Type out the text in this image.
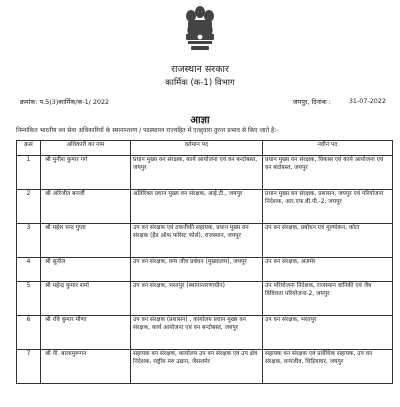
राजस्थान सरकार
कार्मिक (क-1) विभाग
क्रमांक: प.5(3)कार्मिक/क-1/ 2022	जयपुर, दिनांक :	31-07-2022
आज्ञा
निम्नांकित भारतीय वन सेवा अधिकारियों के स्थानान्तरण / पदस्थापन राज्यहित में एतद्द्वारा तुरन्त प्रभाव से किए जाते है:-
क्रसं	अधिकारी का नाम	वर्तमान पद	नवीन पद
1	श्री मुनीश कुमार गर्ग	प्रधान मुख्य वन संरक्षक, कार्य आयोजना एवं वन बन्दोबस्त, जयपुर	प्रधान मुख्य वन संरक्षक, विकास एवं कार्य आयोजना एवं वन बंदोबस्त, जयपुर
2	श्री अरिजीत बनर्जी	अतिरिक्त प्रधान मुख्य वन संरक्षक, आई.टी., जयपुर	प्रधान मुख्य वन संरक्षक, प्रशासन, जयपुर एवं परियोजना निदेशक, आर.एफ.बी.पी.-2, जयपुर
3	श्री महेश चन्द गुप्ता	उप वन संरक्षक एवं तकनीकी सहायक, प्रधान मुख्य वन संरक्षक (हैड ऑफ फोरेस्ट फोर्स), राजस्थान, जयपुर	उप वन संरक्षक, प्रबोधन एवं मूल्यांकन, कोटा
4	श्री सुनील	उप वन संरक्षक, वन्य जीव प्रबंधन (मुख्यालय), जयपुर	उप वन संरक्षक, अजमेर
5	श्री महेन्द्र कुमार शर्मा	उप वन संरक्षक, भरतपुर (स्थानान्तरणाधीन)	उप परियोजना निदेशक, राजस्थान वानिकी एवं जैव विविधता परियोजना-2, जयपुर
6	श्री रवि कुमार मीणा	उप वन संरक्षक (प्रशासन) , कार्यालय प्रधान मुख्य वन संरक्षक, कार्य आयोजना एवं वन बन्दोबस्त, जयपुर	उप वन संरक्षक, भरतपुर
7	श्री पी. बालामुरूगन	सहायक वन संरक्षक, कार्यालय उप वन संरक्षक एवं उप क्षेत्र निदेशक, राष्ट्रीय मरु उद्यान, जैसलमेर	सहायक वन संरक्षक एवं प्रावैधिक सहायक, उप वन संरक्षक, वन्यजीव, चिड़ियाघर, जयपुर
